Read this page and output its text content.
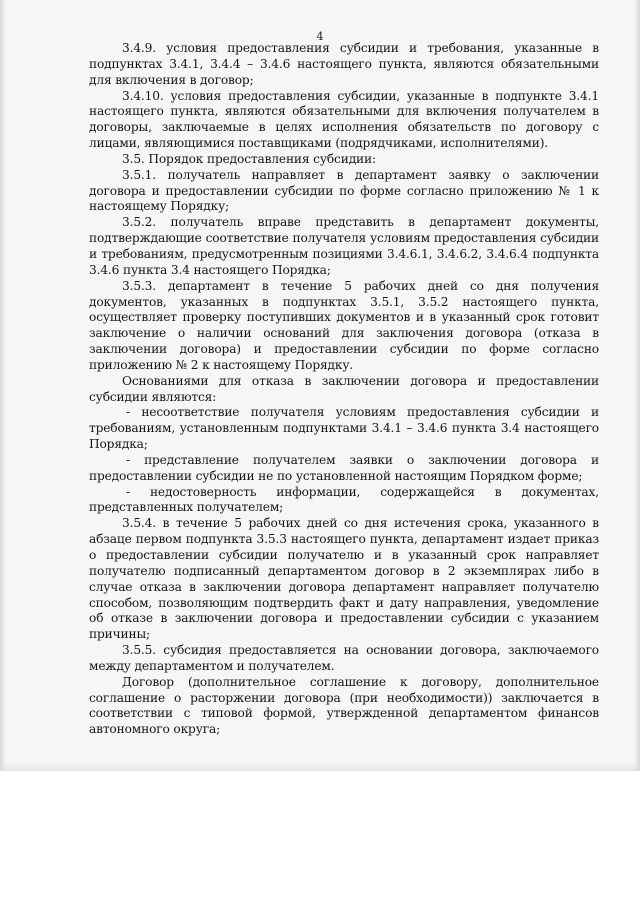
4

3.4.9. условия предоставления субсидии и требования, указанные в подпунктах 3.4.1, 3.4.4 – 3.4.6 настоящего пункта, являются обязательными для включения в договор;

3.4.10. условия предоставления субсидии, указанные в подпункте 3.4.1 настоящего пункта, являются обязательными для включения получателем в договоры, заключаемые в целях исполнения обязательств по договору с лицами, являющимися поставщиками (подрядчиками, исполнителями).

3.5. Порядок предоставления субсидии:

3.5.1. получатель направляет в департамент заявку о заключении договора и предоставлении субсидии по форме согласно приложению № 1 к настоящему Порядку;

3.5.2. получатель вправе представить в департамент документы, подтверждающие соответствие получателя условиям предоставления субсидии и требованиям, предусмотренным позициями 3.4.6.1, 3.4.6.2, 3.4.6.4 подпункта 3.4.6 пункта 3.4 настоящего Порядка;

3.5.3. департамент в течение 5 рабочих дней со дня получения документов, указанных в подпунктах 3.5.1, 3.5.2 настоящего пункта, осуществляет проверку поступивших документов и в указанный срок готовит заключение о наличии оснований для заключения договора (отказа в заключении договора) и предоставлении субсидии по форме согласно приложению № 2 к настоящему Порядку.

Основаниями для отказа в заключении договора и предоставлении субсидии являются:

- несоответствие получателя условиям предоставления субсидии и требованиям, установленным подпунктами 3.4.1 – 3.4.6 пункта 3.4 настоящего Порядка;

- представление получателем заявки о заключении договора и предоставлении субсидии не по установленной настоящим Порядком форме;

- недостоверность информации, содержащейся в документах, представленных получателем;

3.5.4. в течение 5 рабочих дней со дня истечения срока, указанного в абзаце первом подпункта 3.5.3 настоящего пункта, департамент издает приказ о предоставлении субсидии получателю и в указанный срок направляет получателю подписанный департаментом договор в 2 экземплярах либо в случае отказа в заключении договора департамент направляет получателю способом, позволяющим подтвердить факт и дату направления, уведомление об отказе в заключении договора и предоставлении субсидии с указанием причины;

3.5.5. субсидия предоставляется на основании договора, заключаемого между департаментом и получателем.

Договор (дополнительное соглашение к договору, дополнительное соглашение о расторжении договора (при необходимости)) заключается в соответствии с типовой формой, утвержденной департаментом финансов автономного округа;
